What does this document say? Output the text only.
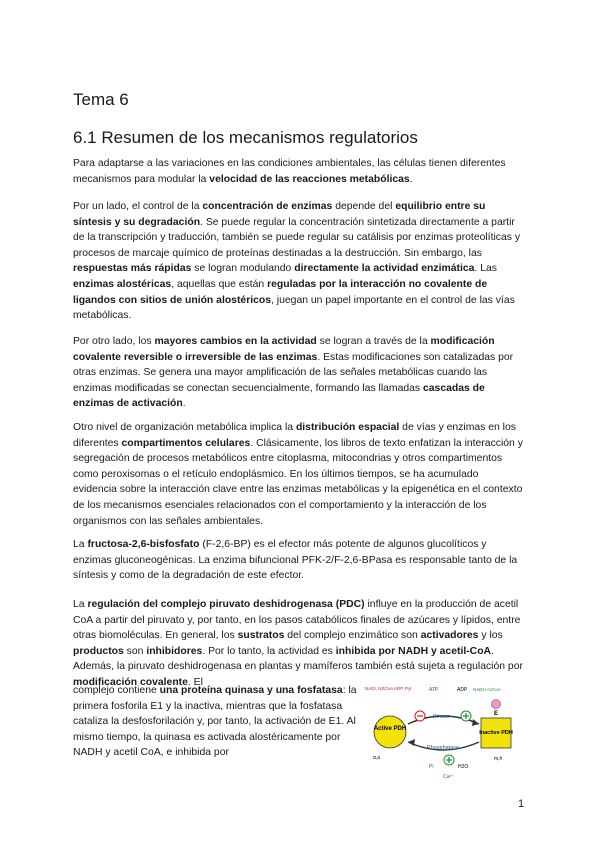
Tema 6
6.1 Resumen de los mecanismos regulatorios

Para adaptarse a las variaciones en las condiciones ambientales, las células tienen diferentes mecanismos para modular la velocidad de las reacciones metabólicas.

Por un lado, el control de la concentración de enzimas depende del equilibrio entre su síntesis y su degradación. Se puede regular la concentración sintetizada directamente a partir de la transcripción y traducción, también se puede regular su catálisis por enzimas proteolíticas y procesos de marcaje químico de proteínas destinadas a la destrucción. Sin embargo, las respuestas más rápidas se logran modulando directamente la actividad enzimática. Las enzimas alostéricas, aquellas que están reguladas por la interacción no covalente de ligandos con sitios de unión alostéricos, juegan un papel importante en el control de las vías metabólicas.

Por otro lado, los mayores cambios en la actividad se logran a través de la modificación covalente reversible o irreversible de las enzimas. Estas modificaciones son catalizadas por otras enzimas. Se genera una mayor amplificación de las señales metabólicas cuando las enzimas modificadas se conectan secuencialmente, formando las llamadas cascadas de enzimas de activación.

Otro nivel de organización metabólica implica la distribución espacial de vías y enzimas en los diferentes compartimentos celulares. Clásicamente, los libros de texto enfatizan la interacción y segregación de procesos metabólicos entre citoplasma, mitocondrias y otros compartimentos como peroxisomas o el retículo endoplásmico. En los últimos tiempos, se ha acumulado evidencia sobre la interacción clave entre las enzimas metabólicas y la epigenética en el contexto de los mecanismos esenciales relacionados con el comportamiento y la interacción de los organismos con las señales ambientales.

La fructosa-2,6-bisfosfato (F-2,6-BP) es el efector más potente de algunos glucolíticos y enzimas gluconeogénicas. La enzima bifuncional PFK-2/F-2,6-BPasa es responsable tanto de la síntesis y como de la degradación de este efector.

La regulación del complejo piruvato deshidrogenasa (PDC) influye en la producción de acetil CoA a partir del piruvato y, por tanto, en los pasos catabólicos finales de azúcares y lípidos, entre otras biomoléculas. En general, los sustratos del complejo enzimático son activadores y los productos son inhibidores. Por lo tanto, la actividad es inhibida por NADH y acetil-CoA. Además, la piruvato deshidrogenasa en plantas y mamíferos también está sujeta a regulación por modificación covalente. El

complejo contiene una proteína quinasa y una fosfatasa: la primera fosforila E1 y la inactiva, mientras que la fosfatasa cataliza la desfosforilación y, por tanto, la activación de E1. Al mismo tiempo, la quinasa es activada alostéricamente por NADH y acetil CoA, e inhibida por

Active PDH
Inactive PDH
E
Kinase
Phosphatase
NADr, NSCoA ADP, Pyr	ATP	ADP NADH AcCoA
α,a	m,h
Pi	H2O
Ca²⁺
1
